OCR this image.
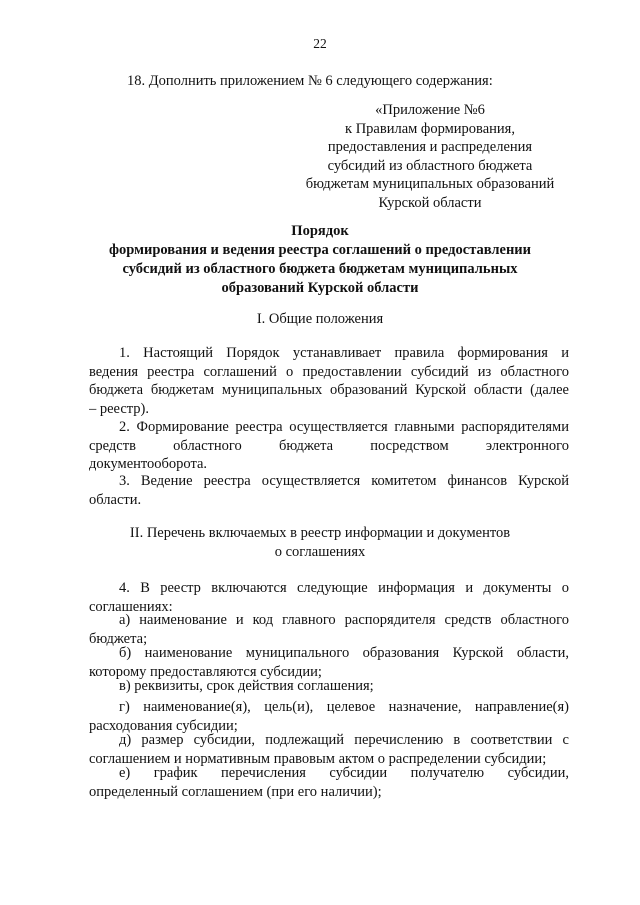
22
18. Дополнить приложением № 6 следующего содержания:
«Приложение №6
к Правилам формирования,
предоставления и распределения
субсидий из областного бюджета
бюджетам муниципальных образований
Курской области
Порядок
формирования и ведения реестра соглашений о предоставлении
субсидий из областного бюджета бюджетам муниципальных
образований Курской области
I. Общие положения
1. Настоящий Порядок устанавливает правила формирования и
ведения реестра соглашений о предоставлении субсидий из областного
бюджета бюджетам муниципальных образований Курской области (далее
– реестр).
2. Формирование реестра осуществляется главными распорядителями
средств областного бюджета посредством электронного
документооборота.
3. Ведение реестра осуществляется комитетом финансов Курской
области.
II. Перечень включаемых в реестр информации и документов
о соглашениях
4. В реестр включаются следующие информация и документы о
соглашениях:
а) наименование и код главного распорядителя средств областного
бюджета;
б) наименование муниципального образования Курской области,
которому предоставляются субсидии;
в) реквизиты, срок действия соглашения;
г) наименование(я), цель(и), целевое назначение, направление(я)
расходования субсидии;
д) размер субсидии, подлежащий перечислению в соответствии с
соглашением и нормативным правовым актом о распределении субсидии;
е) график перечисления субсидии получателю субсидии,
определенный соглашением (при его наличии);
